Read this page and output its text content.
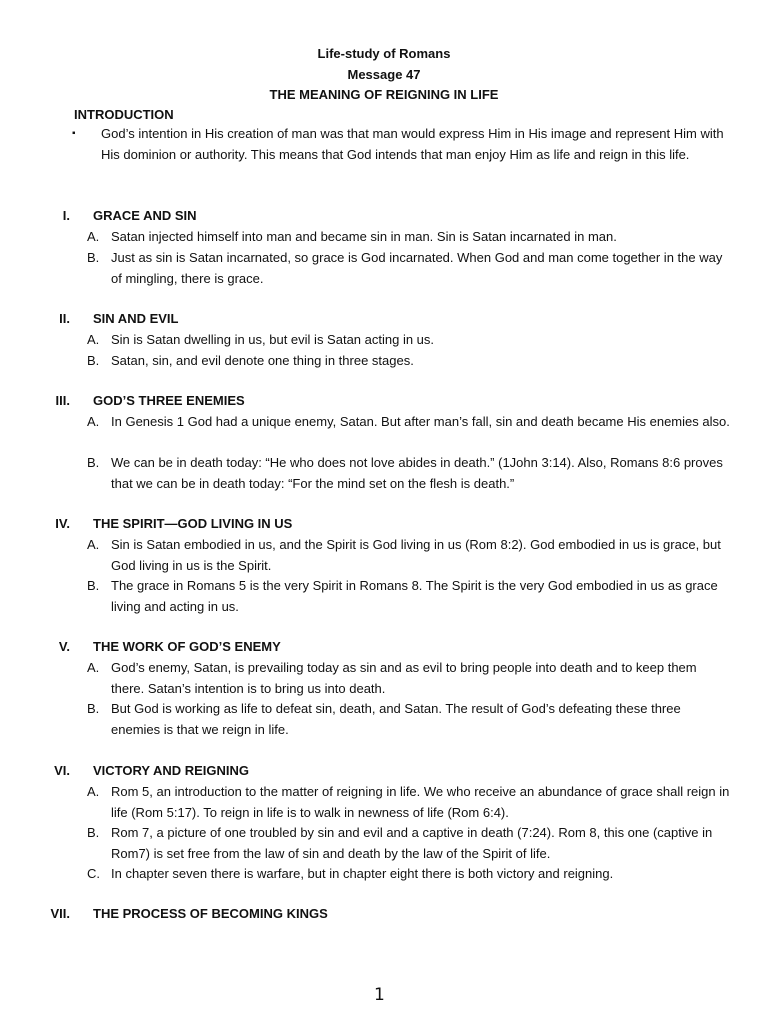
Life-study of Romans
Message 47
THE MEANING OF REIGNING IN LIFE
INTRODUCTION
▪	God’s intention in His creation of man was that man would express Him in His image and represent Him with His dominion or authority. This means that God intends that man enjoy Him as life and reign in this life.
I. GRACE AND SIN
A. Satan injected himself into man and became sin in man. Sin is Satan incarnated in man.
B. Just as sin is Satan incarnated, so grace is God incarnated. When God and man come together in the way of mingling, there is grace.
II. SIN AND EVIL
A. Sin is Satan dwelling in us, but evil is Satan acting in us.
B. Satan, sin, and evil denote one thing in three stages.
III. GOD’S THREE ENEMIES
A. In Genesis 1 God had a unique enemy, Satan. But after man’s fall, sin and death became His enemies also.
B. We can be in death today: “He who does not love abides in death.” (1John 3:14). Also, Romans 8:6 proves that we can be in death today: “For the mind set on the flesh is death.”
IV. THE SPIRIT—GOD LIVING IN US
A. Sin is Satan embodied in us, and the Spirit is God living in us (Rom 8:2). God embodied in us is grace, but God living in us is the Spirit.
B. The grace in Romans 5 is the very Spirit in Romans 8. The Spirit is the very God embodied in us as grace living and acting in us.
V. THE WORK OF GOD’S ENEMY
A. God’s enemy, Satan, is prevailing today as sin and as evil to bring people into death and to keep them there. Satan’s intention is to bring us into death.
B. But God is working as life to defeat sin, death, and Satan. The result of God’s defeating these three enemies is that we reign in life.
VI. VICTORY AND REIGNING
A. Rom 5, an introduction to the matter of reigning in life. We who receive an abundance of grace shall reign in life (Rom 5:17). To reign in life is to walk in newness of life (Rom 6:4).
B. Rom 7, a picture of one troubled by sin and evil and a captive in death (7:24). Rom 8, this one (captive in Rom7) is set free from the law of sin and death by the law of the Spirit of life.
C. In chapter seven there is warfare, but in chapter eight there is both victory and reigning.
VII. THE PROCESS OF BECOMING KINGS
1
